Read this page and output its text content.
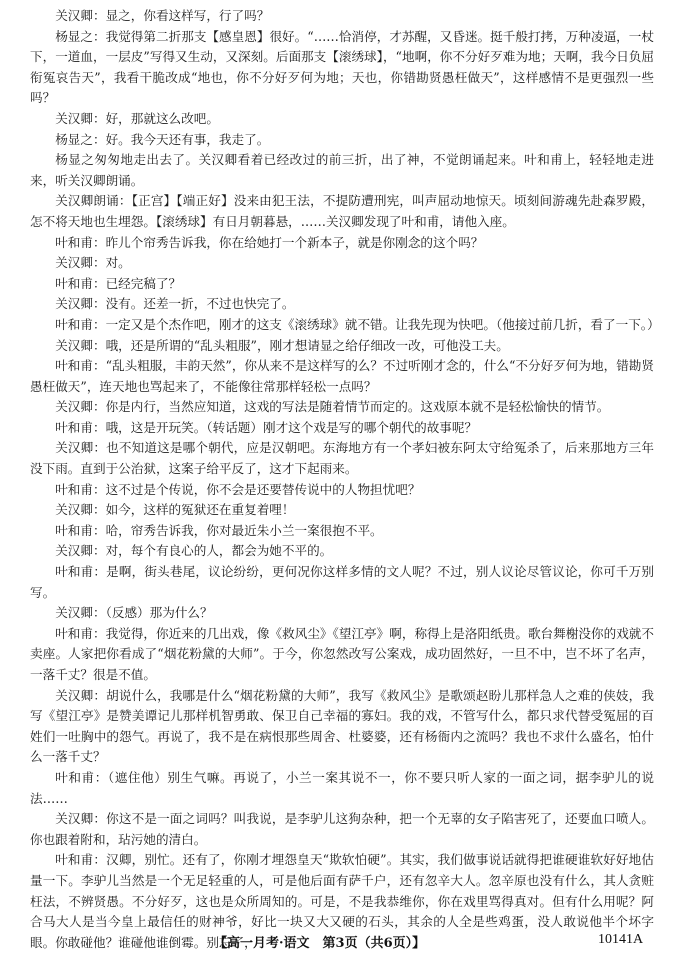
关汉卿：显之，你看这样写，行了吗？

杨显之：我觉得第二折那支【感皇恩】很好。“……恰消停，才苏醒，又昏迷。挺千般打拷，万种凌逼，一杖下，一道血，一层皮”写得又生动，又深刻。后面那支【滚绣球】，“地啊，你不分好歹难为地；天啊，我今日负屈衔冤哀告天”，我看干脆改成“地也，你不分好歹何为地；天也，你错勘贤愚枉做天”，这样感情不是更强烈一些吗？

关汉卿：好，那就这么改吧。

杨显之：好。我今天还有事，我走了。

杨显之匆匆地走出去了。关汉卿看着已经改过的前三折，出了神，不觉朗诵起来。叶和甫上，轻轻地走进来，听关汉卿朗诵。

关汉卿朗诵：【正宫】【端正好】没来由犯王法，不提防遭刑宪，叫声屈动地惊天。顷刻间游魂先赴森罗殿，怎不将天地也生埋怨。【滚绣球】有日月朝暮悬，……关汉卿发现了叶和甫，请他入座。

叶和甫：昨儿个帘秀告诉我，你在给她打一个新本子，就是你刚念的这个吗？

关汉卿：对。

叶和甫：已经完稿了？

关汉卿：没有。还差一折，不过也快完了。

叶和甫：一定又是个杰作吧，刚才的这支《滚绣球》就不错。让我先现为快吧。（他接过前几折，看了一下。）

关汉卿：哦，还是所谓的“乱头粗服”，刚才想请显之给仔细改一改，可他没工夫。

叶和甫：“乱头粗服，丰韵天然”，你从来不是这样写的么？不过听刚才念的，什么“不分好歹何为地，错勘贤愚枉做天”，连天地也骂起来了，不能像往常那样轻松一点吗？

关汉卿：你是内行，当然应知道，这戏的写法是随着情节而定的。这戏原本就不是轻松愉快的情节。

叶和甫：哦，这是开玩笑。（转话题）刚才这个戏是写的哪个朝代的故事呢？

关汉卿：也不知道这是哪个朝代，应是汉朝吧。东海地方有一个孝妇被东阿太守给冤杀了，后来那地方三年没下雨。直到于公治狱，这案子给平反了，这才下起雨来。

叶和甫：这不过是个传说，你不会是还要替传说中的人物担忧吧？

关汉卿：如今，这样的冤狱还在重复着哩！

叶和甫：哈，帘秀告诉我，你对最近朱小兰一案很抱不平。

关汉卿：对，每个有良心的人，都会为她不平的。

叶和甫：是啊，街头巷尾，议论纷纷，更何况你这样多情的文人呢？不过，别人议论尽管议论，你可千万别写。

关汉卿：（反感）那为什么？

叶和甫：我觉得，你近来的几出戏，像《救风尘》《望江亭》啊，称得上是洛阳纸贵。歌台舞榭没你的戏就不卖座。人家把你看成了“烟花粉黛的大师”。于今，你忽然改写公案戏，成功固然好，一旦不中，岂不坏了名声，一落千丈？很是不值。

关汉卿：胡说什么，我哪是什么“烟花粉黛的大师”，我写《救风尘》是歌颂赵盼儿那样急人之难的侠妓，我写《望江亭》是赞美谭记儿那样机智勇敢、保卫自己幸福的寡妇。我的戏，不管写什么，都只求代替受冤屈的百姓们一吐胸中的怨气。再说了，我不是在病恨那些周舍、杜婆婆，还有杨衙内之流吗？我也不求什么盛名，怕什么一落千丈？

叶和甫：（遮住他）别生气嘛。再说了，小兰一案其说不一，你不要只听人家的一面之词，据李驴儿的说法……

关汉卿：你这不是一面之词吗？叫我说，是李驴儿这狗杂种，把一个无辜的女子陷害死了，还要血口喷人。你也跟着附和，玷污她的清白。

叶和甫：汉卿，别忙。还有了，你刚才埋怨皇天“欺软怕硬”。其实，我们做事说话就得把谁硬谁软好好地估量一下。李驴儿当然是一个无足轻重的人，可是他后面有萨千户，还有忽辛大人。忽辛原也没有什么，其人贪赃枉法，不辨贤愚。不分好歹，这也是众所周知的。可是，不是我恭维你，你在戏里骂得真对。但有什么用呢？阿合马大人是当今皇上最信任的财神爷，好比一块又大又硬的石头，其余的人全是些鸡蛋，没人敢说他半个坏字眼。你敢碰他？谁碰他谁倒霉。别忘了，

【高一月考·语文　第3页（共6页）】	10141A
